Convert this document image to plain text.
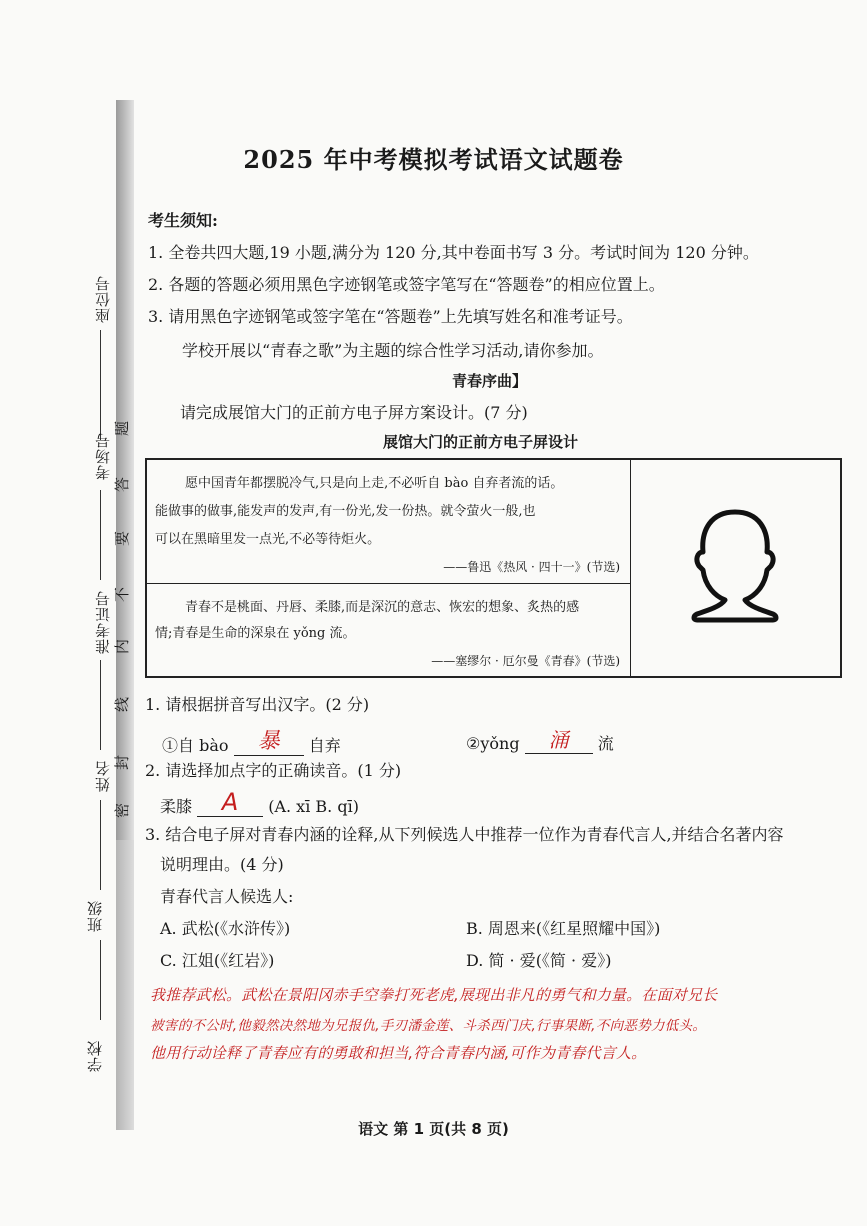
座位号
考场号
准考证号
姓名
班级
学校
题
答
要
不
内
线
封
密
2025 年中考模拟考试语文试题卷
考生须知:
1. 全卷共四大题,19 小题,满分为 120 分,其中卷面书写 3 分。考试时间为 120 分钟。
2. 各题的答题必须用黑色字迹钢笔或签字笔写在“答题卷”的相应位置上。
3. 请用黑色字迹钢笔或签字笔在“答题卷”上先填写姓名和准考证号。
学校开展以“青春之歌”为主题的综合性学习活动,请你参加。
青春序曲】
请完成展馆大门的正前方电子屏方案设计。(7 分)
展馆大门的正前方电子屏设计
愿中国青年都摆脱冷气,只是向上走,不必听自 bào 自弃者流的话。
能做事的做事,能发声的发声,有一份光,发一份热。就令萤火一般,也
可以在黑暗里发一点光,不必等待炬火。
——鲁迅《热风 · 四十一》(节选)
青春不是桃面、丹唇、柔膝,而是深沉的意志、恢宏的想象、炙热的感
情;青春是生命的深泉在 yǒng 流。
——塞缪尔 · 厄尔曼《青春》(节选)
1. 请根据拼音写出汉字。(2 分)
①自 bào 暴 自弃	②yǒng 涌 流
2. 请选择加点字的正确读音。(1 分)
柔膝 A (A. xī B. qī)
3. 结合电子屏对青春内涵的诠释,从下列候选人中推荐一位作为青春代言人,并结合名著内容
说明理由。(4 分)
青春代言人候选人:
A. 武松(《水浒传》)	B. 周恩来(《红星照耀中国》)
C. 江姐(《红岩》)	D. 简 · 爱(《简 · 爱》)
我推荐武松。武松在景阳冈赤手空拳打死老虎,展现出非凡的勇气和力量。在面对兄长
被害的不公时,他毅然决然地为兄报仇,手刃潘金莲、斗杀西门庆,行事果断,不向恶势力低头。
他用行动诠释了青春应有的勇敢和担当,符合青春内涵,可作为青春代言人。
语文 第 1 页(共 8 页)
